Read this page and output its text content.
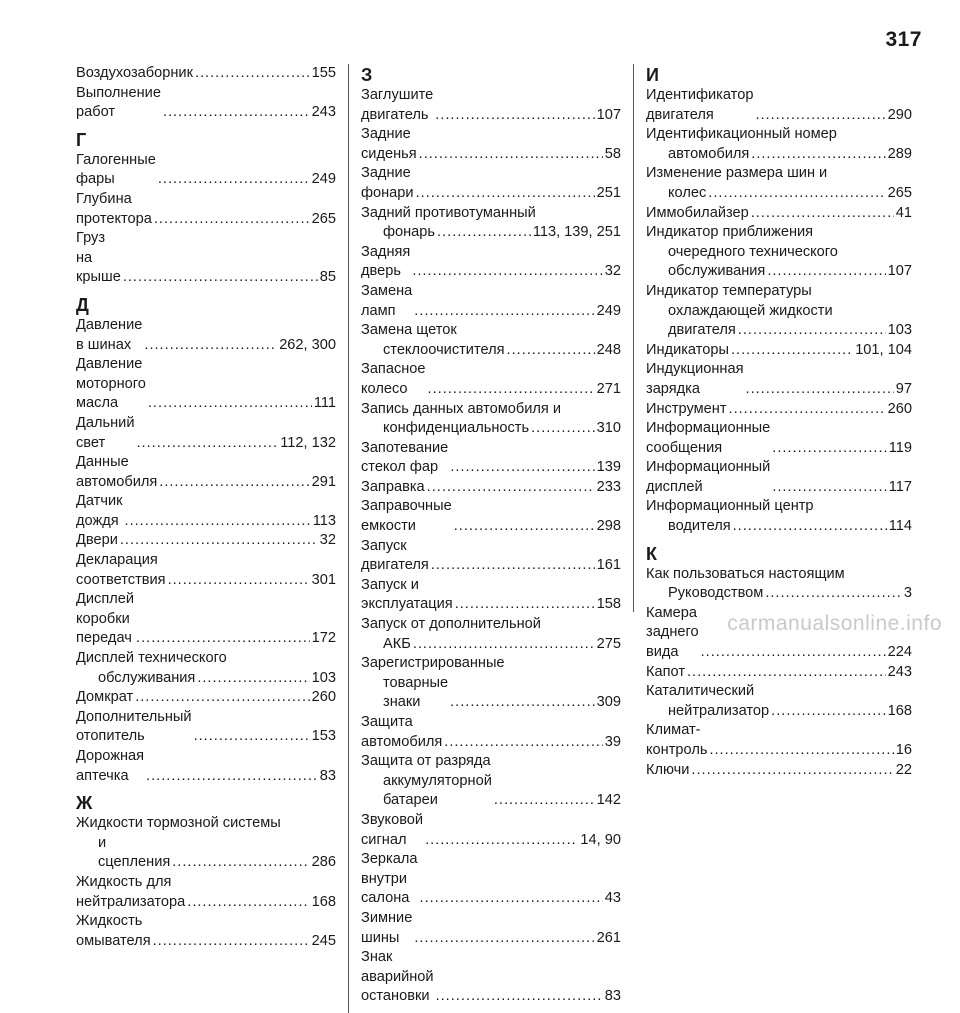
317
Воздухозаборник .....	155
Выполнение работ .....	243
Г
Галогенные фары .....	249
Глубина протектора .....	265
Груз на крыше .....	85
Д
Давление в шинах .....	262, 300
Давление моторного масла .....	111
Дальний свет .....	112, 132
Данные автомобиля .....	291
Датчик дождя .....	113
Двери .....	32
Декларация соответствия .....	301
Дисплей коробки передач .....	172
Дисплей технического
обслуживания .....	103
Домкрат .....	260
Дополнительный отопитель .....	153
Дорожная аптечка .....	83
Ж
Жидкости тормозной системы
и сцепления .....	286
Жидкость для нейтрализатора .....	168
Жидкость омывателя .....	245
З
Заглушите двигатель .....	107
Задние сиденья .....	58
Задние фонари .....	251
Задний противотуманный
фонарь .....	113, 139, 251
Задняя дверь .....	32
Замена ламп .....	249
Замена щеток
стеклоочистителя .....	248
Запасное колесо .....	271
Запись данных автомобиля и
конфиденциальность .....	310
Запотевание стекол фар .....	139
Заправка .....	233
Заправочные емкости .....	298
Запуск двигателя .....	161
Запуск и эксплуатация .....	158
Запуск от дополнительной
АКБ .....	275
Зарегистрированные
товарные знаки .....	309
Защита автомобиля .....	39
Защита от разряда
аккумуляторной батареи .....	142
Звуковой сигнал .....	14, 90
Зеркала внутри салона .....	43
Зимние шины .....	261
Знак аварийной остановки .....	83
И
Идентификатор двигателя .....	290
Идентификационный номер
автомобиля .....	289
Изменение размера шин и
колес .....	265
Иммобилайзер .....	41
Индикатор приближения
очередного технического
обслуживания .....	107
Индикатор температуры
охлаждающей жидкости
двигателя .....	103
Индикаторы .....	101, 104
Индукционная зарядка .....	97
Инструмент .....	260
Информационные сообщения .....	119
Информационный дисплей .....	117
Информационный центр
водителя .....	114
К
Как пользоваться настоящим
Руководством .....	3
Камера заднего вида .....	224
Капот .....	243
Каталитический
нейтрализатор .....	168
Климат-контроль .....	16
Ключи .....	22
carmanualsonline.info
